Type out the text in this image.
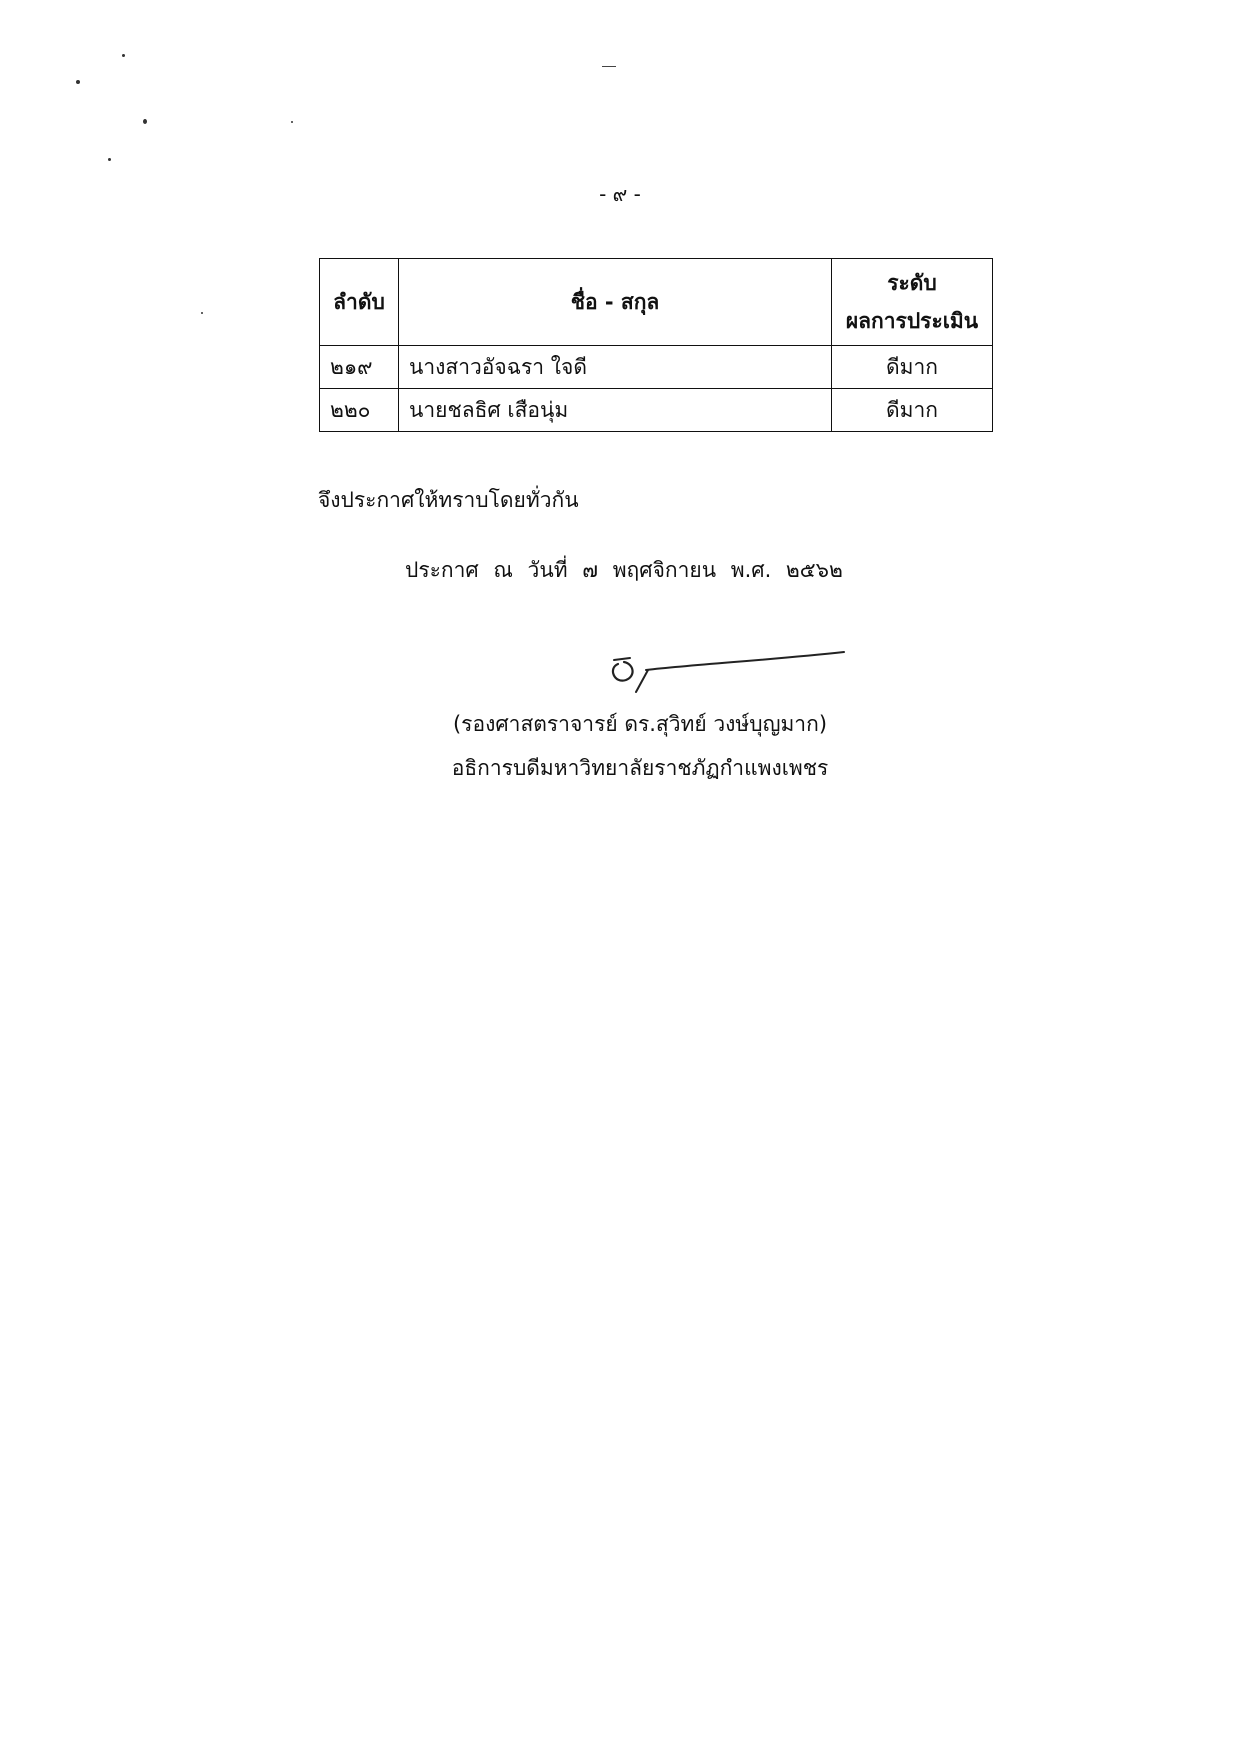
- ๙ -
ลำดับ	ชื่อ - สกุล	ระดับ
ผลการประเมิน

๒๑๙	นางสาวอัจฉรา ใจดี	ดีมาก
๒๒๐	นายชลธิศ เสือนุ่ม	ดีมาก
จึงประกาศให้ทราบโดยทั่วกัน
ประกาศ ณ วันที่ ๗ พฤศจิกายน พ.ศ. ๒๕๖๒
(รองศาสตราจารย์ ดร.สุวิทย์ วงษ์บุญมาก)
อธิการบดีมหาวิทยาลัยราชภัฏกำแพงเพชร
